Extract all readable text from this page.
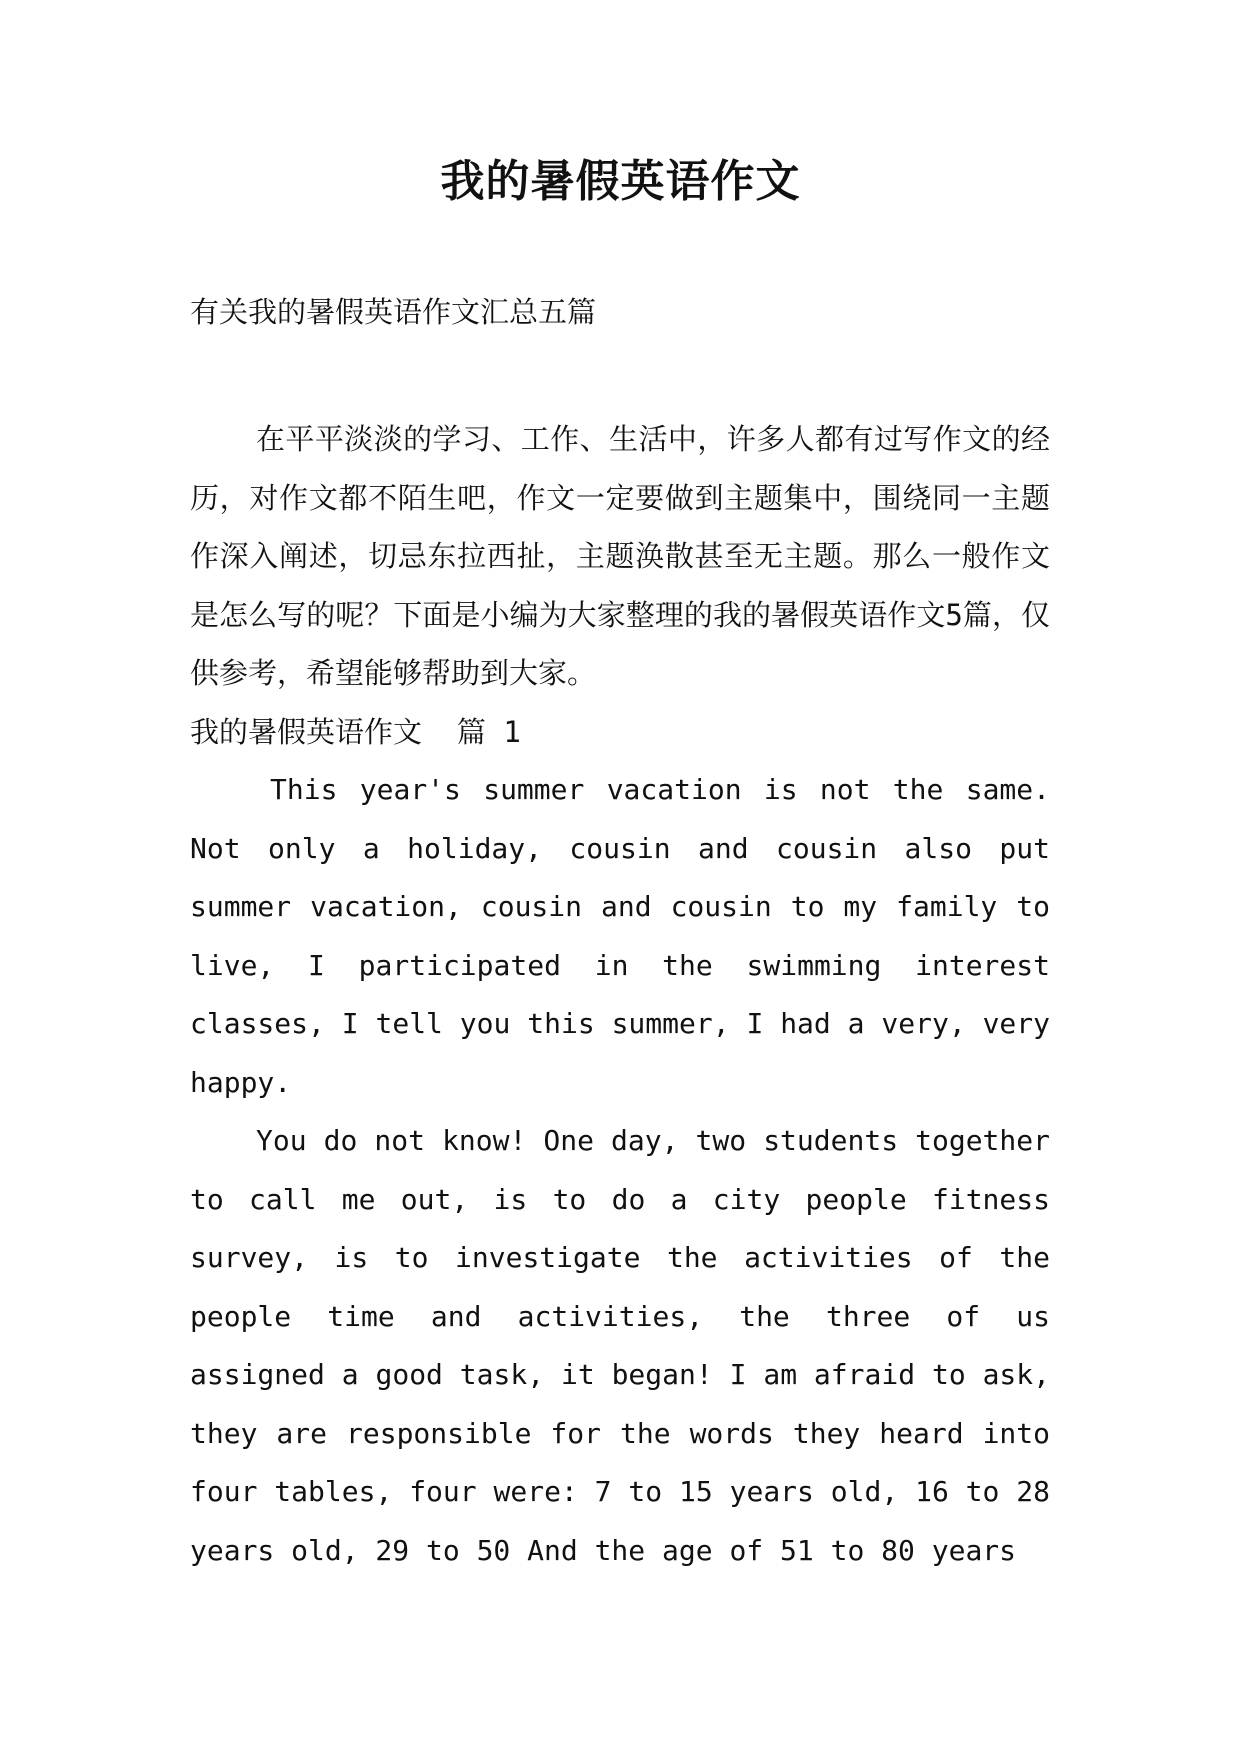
我的暑假英语作文

有关我的暑假英语作文汇总五篇

在平平淡淡的学习、工作、生活中，许多人都有过写作文的经历，对作文都不陌生吧，作文一定要做到主题集中，围绕同一主题作深入阐述，切忌东拉西扯，主题涣散甚至无主题。那么一般作文是怎么写的呢？下面是小编为大家整理的我的暑假英语作文5篇，仅供参考，希望能够帮助到大家。

我的暑假英语作文  篇 1

This year's summer vacation is not the same. Not only a holiday, cousin and cousin also put summer vacation, cousin and cousin to my family to live, I participated in the swimming interest classes, I tell you this summer, I had a very, very happy.

You do not know! One day, two students together to call me out, is to do a city people fitness survey, is to investigate the activities of the people time and activities, the three of us assigned a good task, it began! I am afraid to ask, they are responsible for the words they heard into four tables, four were: 7 to 15 years old, 16 to 28 years old, 29 to 50 And the age of 51 to 80 years
